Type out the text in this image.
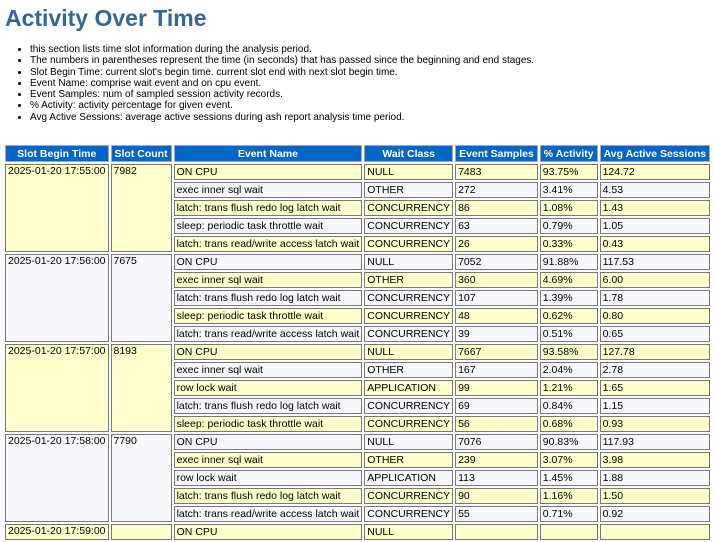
Activity Over Time
• this section lists time slot information during the analysis period.
• The numbers in parentheses represent the time (in seconds) that has passed since the beginning and end stages.
• Slot Begin Time: current slot's begin time. current slot end with next slot begin time.
• Event Name: comprise wait event and on cpu event.
• Event Samples: num of sampled session activity records.
• % Activity: activity percentage for given event.
• Avg Active Sessions: average active sessions during ash report analysis time period.
Slot Begin Time	Slot Count	Event Name	Wait Class	Event Samples	% Activity	Avg Active Sessions
2025-01-20 17:55:00	7982	ON CPU	NULL	7483	93.75%	124.72
		exec inner sql wait	OTHER	272	3.41%	4.53
		latch: trans flush redo log latch wait	CONCURRENCY	86	1.08%	1.43
		sleep: periodic task throttle wait	CONCURRENCY	63	0.79%	1.05
		latch: trans read/write access latch wait	CONCURRENCY	26	0.33%	0.43
2025-01-20 17:56:00	7675	ON CPU	NULL	7052	91.88%	117.53
		exec inner sql wait	OTHER	360	4.69%	6.00
		latch: trans flush redo log latch wait	CONCURRENCY	107	1.39%	1.78
		sleep: periodic task throttle wait	CONCURRENCY	48	0.62%	0.80
		latch: trans read/write access latch wait	CONCURRENCY	39	0.51%	0.65
2025-01-20 17:57:00	8193	ON CPU	NULL	7667	93.58%	127.78
		exec inner sql wait	OTHER	167	2.04%	2.78
		row lock wait	APPLICATION	99	1.21%	1.65
		latch: trans flush redo log latch wait	CONCURRENCY	69	0.84%	1.15
		sleep: periodic task throttle wait	CONCURRENCY	56	0.68%	0.93
2025-01-20 17:58:00	7790	ON CPU	NULL	7076	90.83%	117.93
		exec inner sql wait	OTHER	239	3.07%	3.98
		row lock wait	APPLICATION	113	1.45%	1.88
		latch: trans flush redo log latch wait	CONCURRENCY	90	1.16%	1.50
		latch: trans read/write access latch wait	CONCURRENCY	55	0.71%	0.92
2025-01-20 17:59:00		ON CPU	NULL			
